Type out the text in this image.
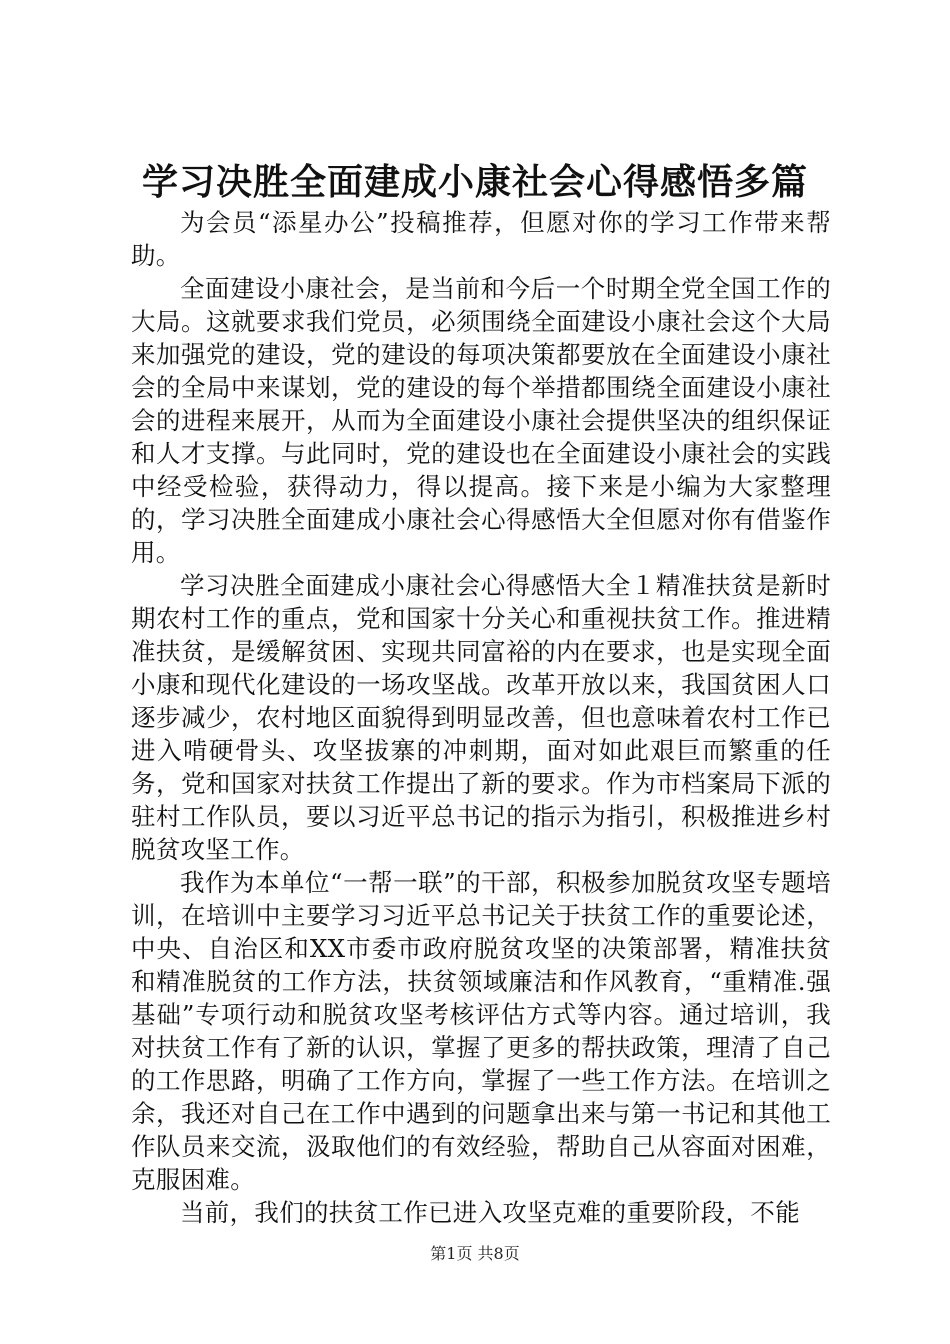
学习决胜全面建成小康社会心得感悟多篇

为会员“添星办公”投稿推荐，但愿对你的学习工作带来帮助。

全面建设小康社会，是当前和今后一个时期全党全国工作的大局。这就要求我们党员，必须围绕全面建设小康社会这个大局来加强党的建设，党的建设的每项决策都要放在全面建设小康社会的全局中来谋划，党的建设的每个举措都围绕全面建设小康社会的进程来展开，从而为全面建设小康社会提供坚决的组织保证和人才支撑。与此同时，党的建设也在全面建设小康社会的实践中经受检验，获得动力，得以提高。接下来是小编为大家整理的，学习决胜全面建成小康社会心得感悟大全但愿对你有借鉴作用。

学习决胜全面建成小康社会心得感悟大全１精准扶贫是新时期农村工作的重点，党和国家十分关心和重视扶贫工作。推进精准扶贫，是缓解贫困、实现共同富裕的内在要求，也是实现全面小康和现代化建设的一场攻坚战。改革开放以来，我国贫困人口逐步减少，农村地区面貌得到明显改善，但也意味着农村工作已进入啃硬骨头、攻坚拔寨的冲刺期，面对如此艰巨而繁重的任务，党和国家对扶贫工作提出了新的要求。作为市档案局下派的驻村工作队员，要以习近平总书记的指示为指引，积极推进乡村脱贫攻坚工作。

我作为本单位“一帮一联”的干部，积极参加脱贫攻坚专题培训，在培训中主要学习习近平总书记关于扶贫工作的重要论述，中央、自治区和XX市委市政府脱贫攻坚的决策部署，精准扶贫和精准脱贫的工作方法，扶贫领域廉洁和作风教育，“重精准.强基础”专项行动和脱贫攻坚考核评估方式等内容。通过培训，我对扶贫工作有了新的认识，掌握了更多的帮扶政策，理清了自己的工作思路，明确了工作方向，掌握了一些工作方法。在培训之余，我还对自己在工作中遇到的问题拿出来与第一书记和其他工作队员来交流，汲取他们的有效经验，帮助自己从容面对困难，克服困难。

当前，我们的扶贫工作已进入攻坚克难的重要阶段，不能

第1页 共8页
